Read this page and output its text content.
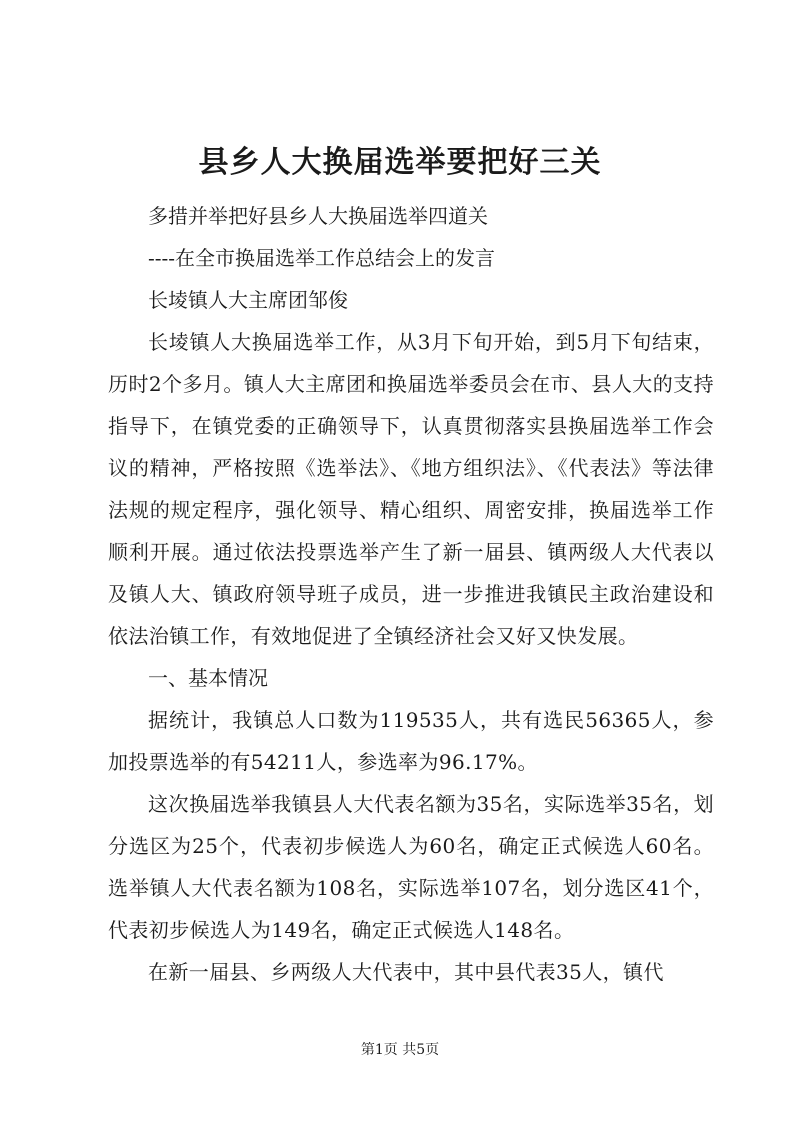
县乡人大换届选举要把好三关

多措并举把好县乡人大换届选举四道关

----在全市换届选举工作总结会上的发言

长堎镇人大主席团邹俊

长堎镇人大换届选举工作，从3月下旬开始，到5月下旬结束，历时2个多月。镇人大主席团和换届选举委员会在市、县人大的支持指导下，在镇党委的正确领导下，认真贯彻落实县换届选举工作会议的精神，严格按照《选举法》、《地方组织法》、《代表法》等法律法规的规定程序，强化领导、精心组织、周密安排，换届选举工作顺利开展。通过依法投票选举产生了新一届县、镇两级人大代表以及镇人大、镇政府领导班子成员，进一步推进我镇民主政治建设和依法治镇工作，有效地促进了全镇经济社会又好又快发展。

一、基本情况

据统计，我镇总人口数为119535人，共有选民56365人，参加投票选举的有54211人，参选率为96.17%。

这次换届选举我镇县人大代表名额为35名，实际选举35名，划分选区为25个，代表初步候选人为60名，确定正式候选人60名。选举镇人大代表名额为108名，实际选举107名，划分选区41个，代表初步候选人为149名，确定正式候选人148名。

在新一届县、乡两级人大代表中，其中县代表35人，镇代

第1页 共5页
